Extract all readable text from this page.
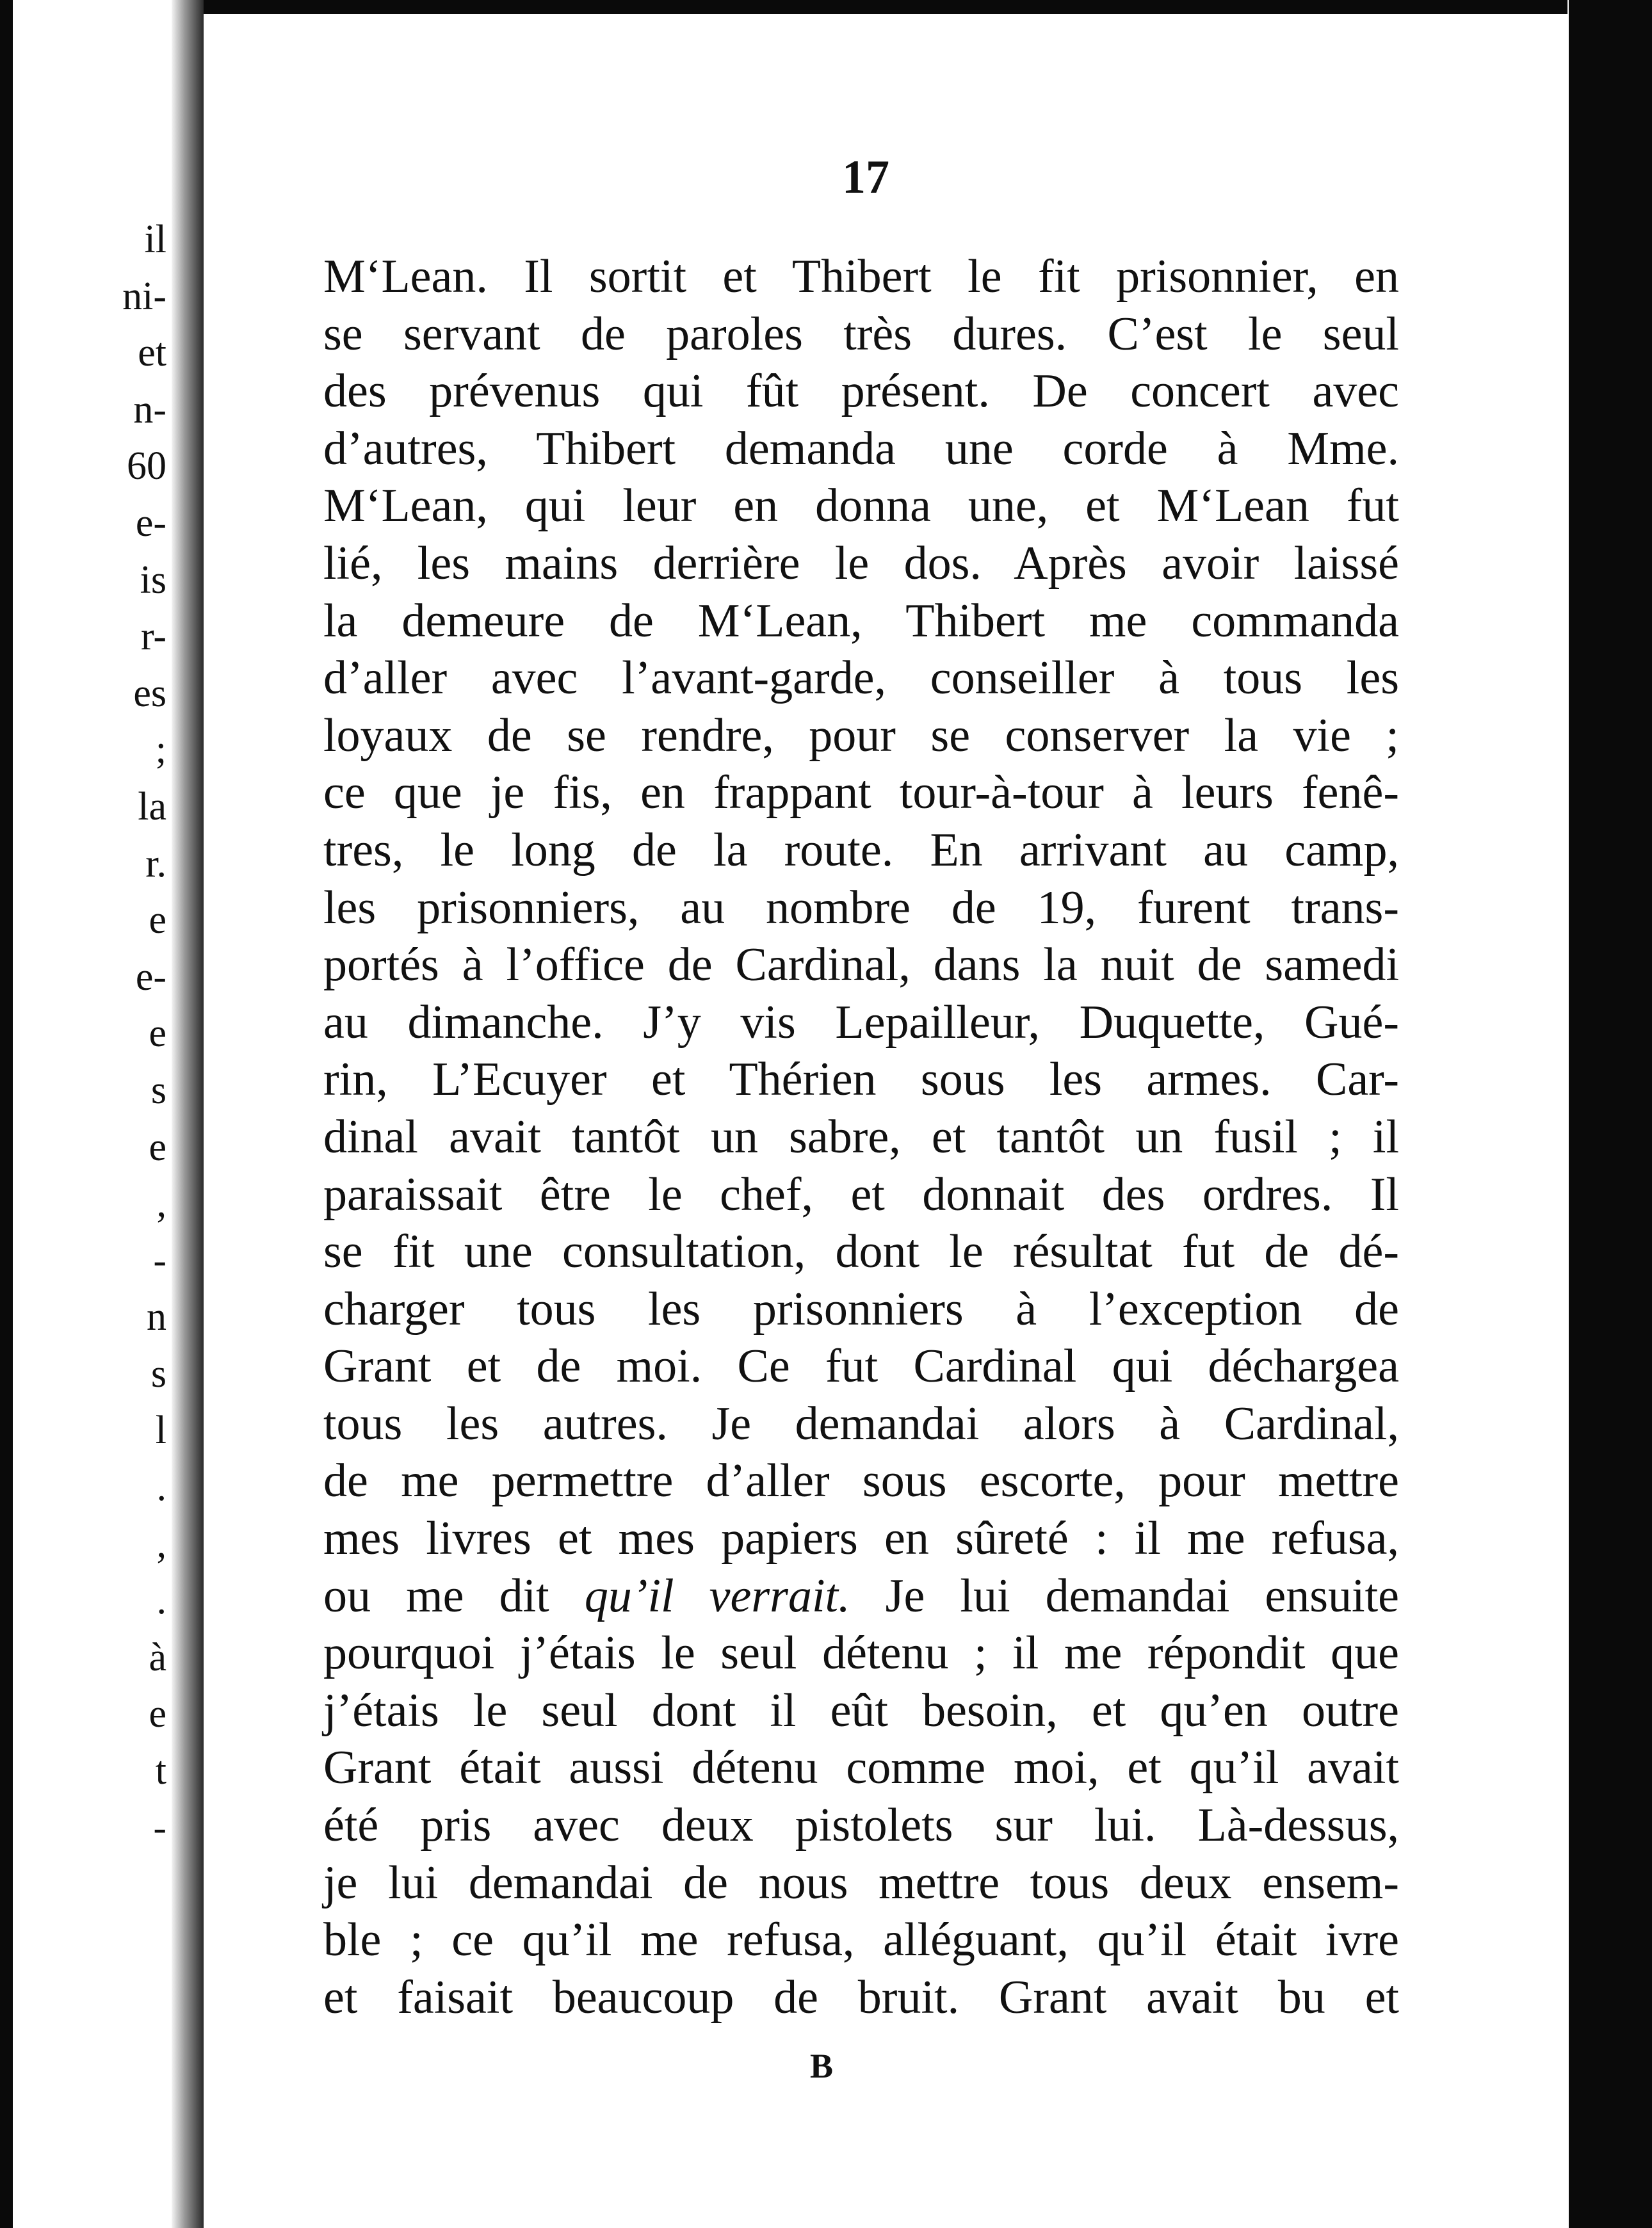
il
ni-
et
n-
60
e-
is
r-
es
;
la
r.
e
e-
e
s
e
,
-
n
s
l
.
,
.
à
e
t
-
17
M‘Lean. Il sortit et Thibert le fit prisonnier, en
se servant de paroles très dures. C’est le seul
des prévenus qui fût présent. De concert avec
d’autres, Thibert demanda une corde à Mme.
M‘Lean, qui leur en donna une, et M‘Lean fut
lié, les mains derrière le dos. Après avoir laissé
la demeure de M‘Lean, Thibert me commanda
d’aller avec l’avant-garde, conseiller à tous les
loyaux de se rendre, pour se conserver la vie ;
ce que je fis, en frappant tour-à-tour à leurs fenê-
tres, le long de la route. En arrivant au camp,
les prisonniers, au nombre de 19, furent trans-
portés à l’office de Cardinal, dans la nuit de samedi
au dimanche. J’y vis Lepailleur, Duquette, Gué-
rin, L’Ecuyer et Thérien sous les armes. Car-
dinal avait tantôt un sabre, et tantôt un fusil ; il
paraissait être le chef, et donnait des ordres. Il
se fit une consultation, dont le résultat fut de dé-
charger tous les prisonniers à l’exception de
Grant et de moi. Ce fut Cardinal qui déchargea
tous les autres. Je demandai alors à Cardinal,
de me permettre d’aller sous escorte, pour mettre
mes livres et mes papiers en sûreté : il me refusa,
ou me dit qu’il verrait. Je lui demandai ensuite
pourquoi j’étais le seul détenu ; il me répondit que
j’étais le seul dont il eût besoin, et qu’en outre
Grant était aussi détenu comme moi, et qu’il avait
été pris avec deux pistolets sur lui. Là-dessus,
je lui demandai de nous mettre tous deux ensem-
ble ; ce qu’il me refusa, alléguant, qu’il était ivre
et faisait beaucoup de bruit. Grant avait bu et
B
